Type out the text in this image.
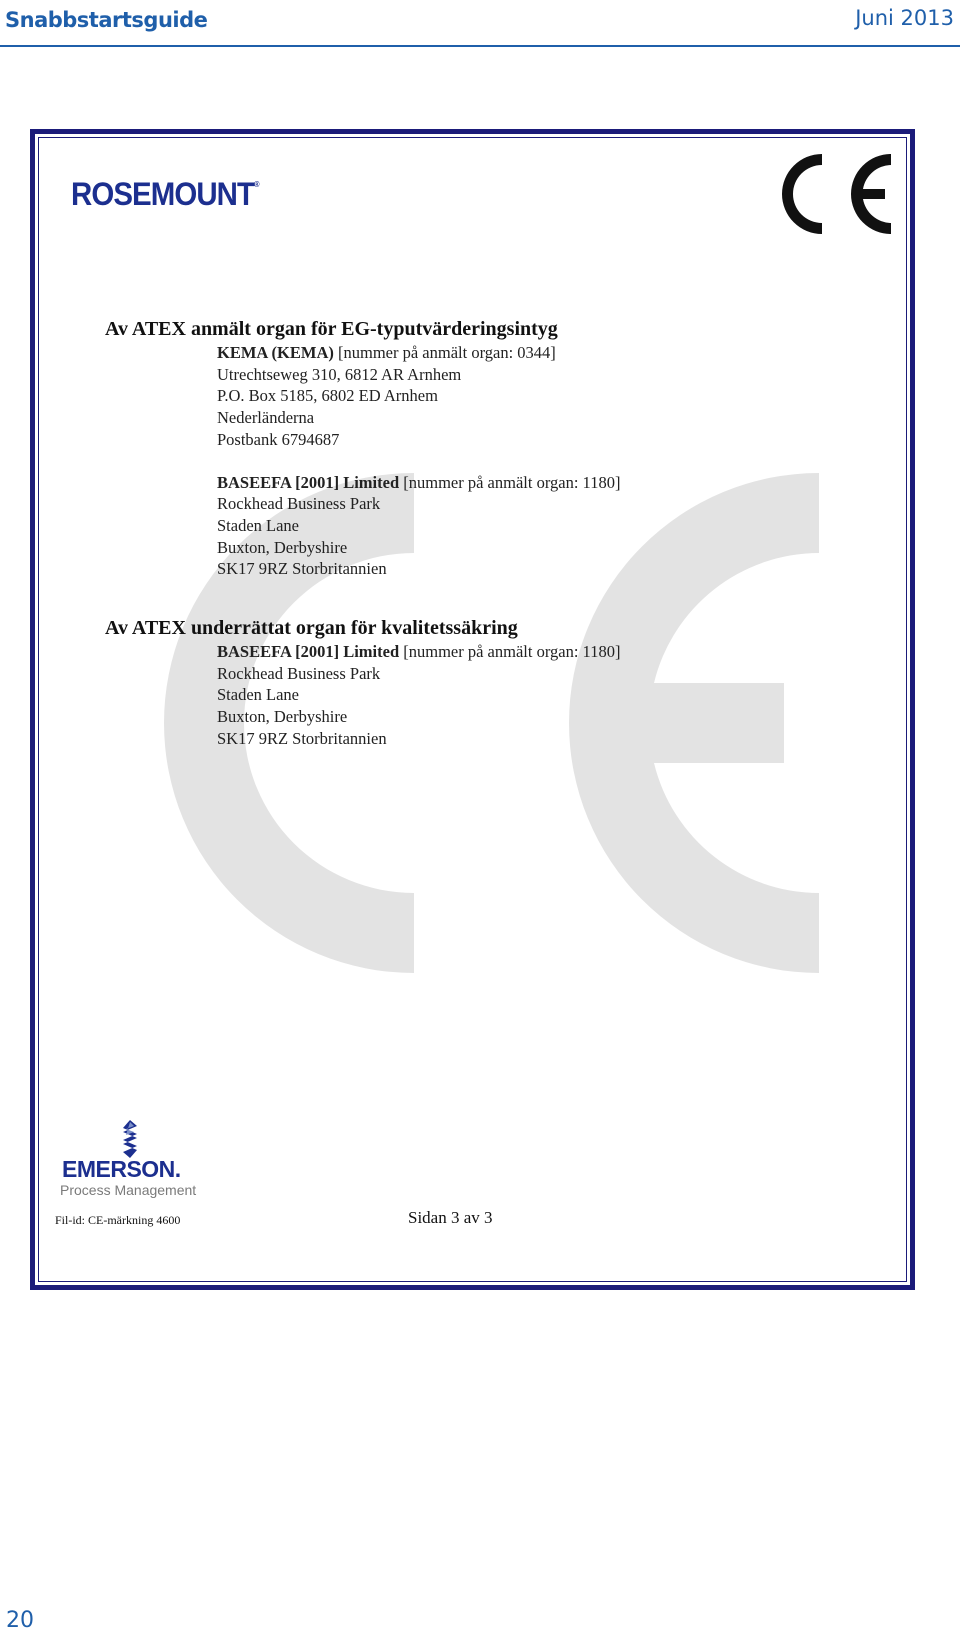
Snabbstartsguide	Juni 2013
ROSEMOUNT®
Av ATEX anmält organ för EG-typutvärderingsintyg
KEMA (KEMA) [nummer på anmält organ: 0344]
Utrechtseweg 310, 6812 AR Arnhem
P.O. Box 5185, 6802 ED Arnhem
Nederländerna
Postbank 6794687
BASEEFA [2001] Limited [nummer på anmält organ: 1180]
Rockhead Business Park
Staden Lane
Buxton, Derbyshire
SK17 9RZ Storbritannien
Av ATEX underrättat organ för kvalitetssäkring
BASEEFA [2001] Limited [nummer på anmält organ: 1180]
Rockhead Business Park
Staden Lane
Buxton, Derbyshire
SK17 9RZ Storbritannien
EMERSON.
Process Management
Fil-id: CE-märkning 4600	Sidan 3 av 3
20
